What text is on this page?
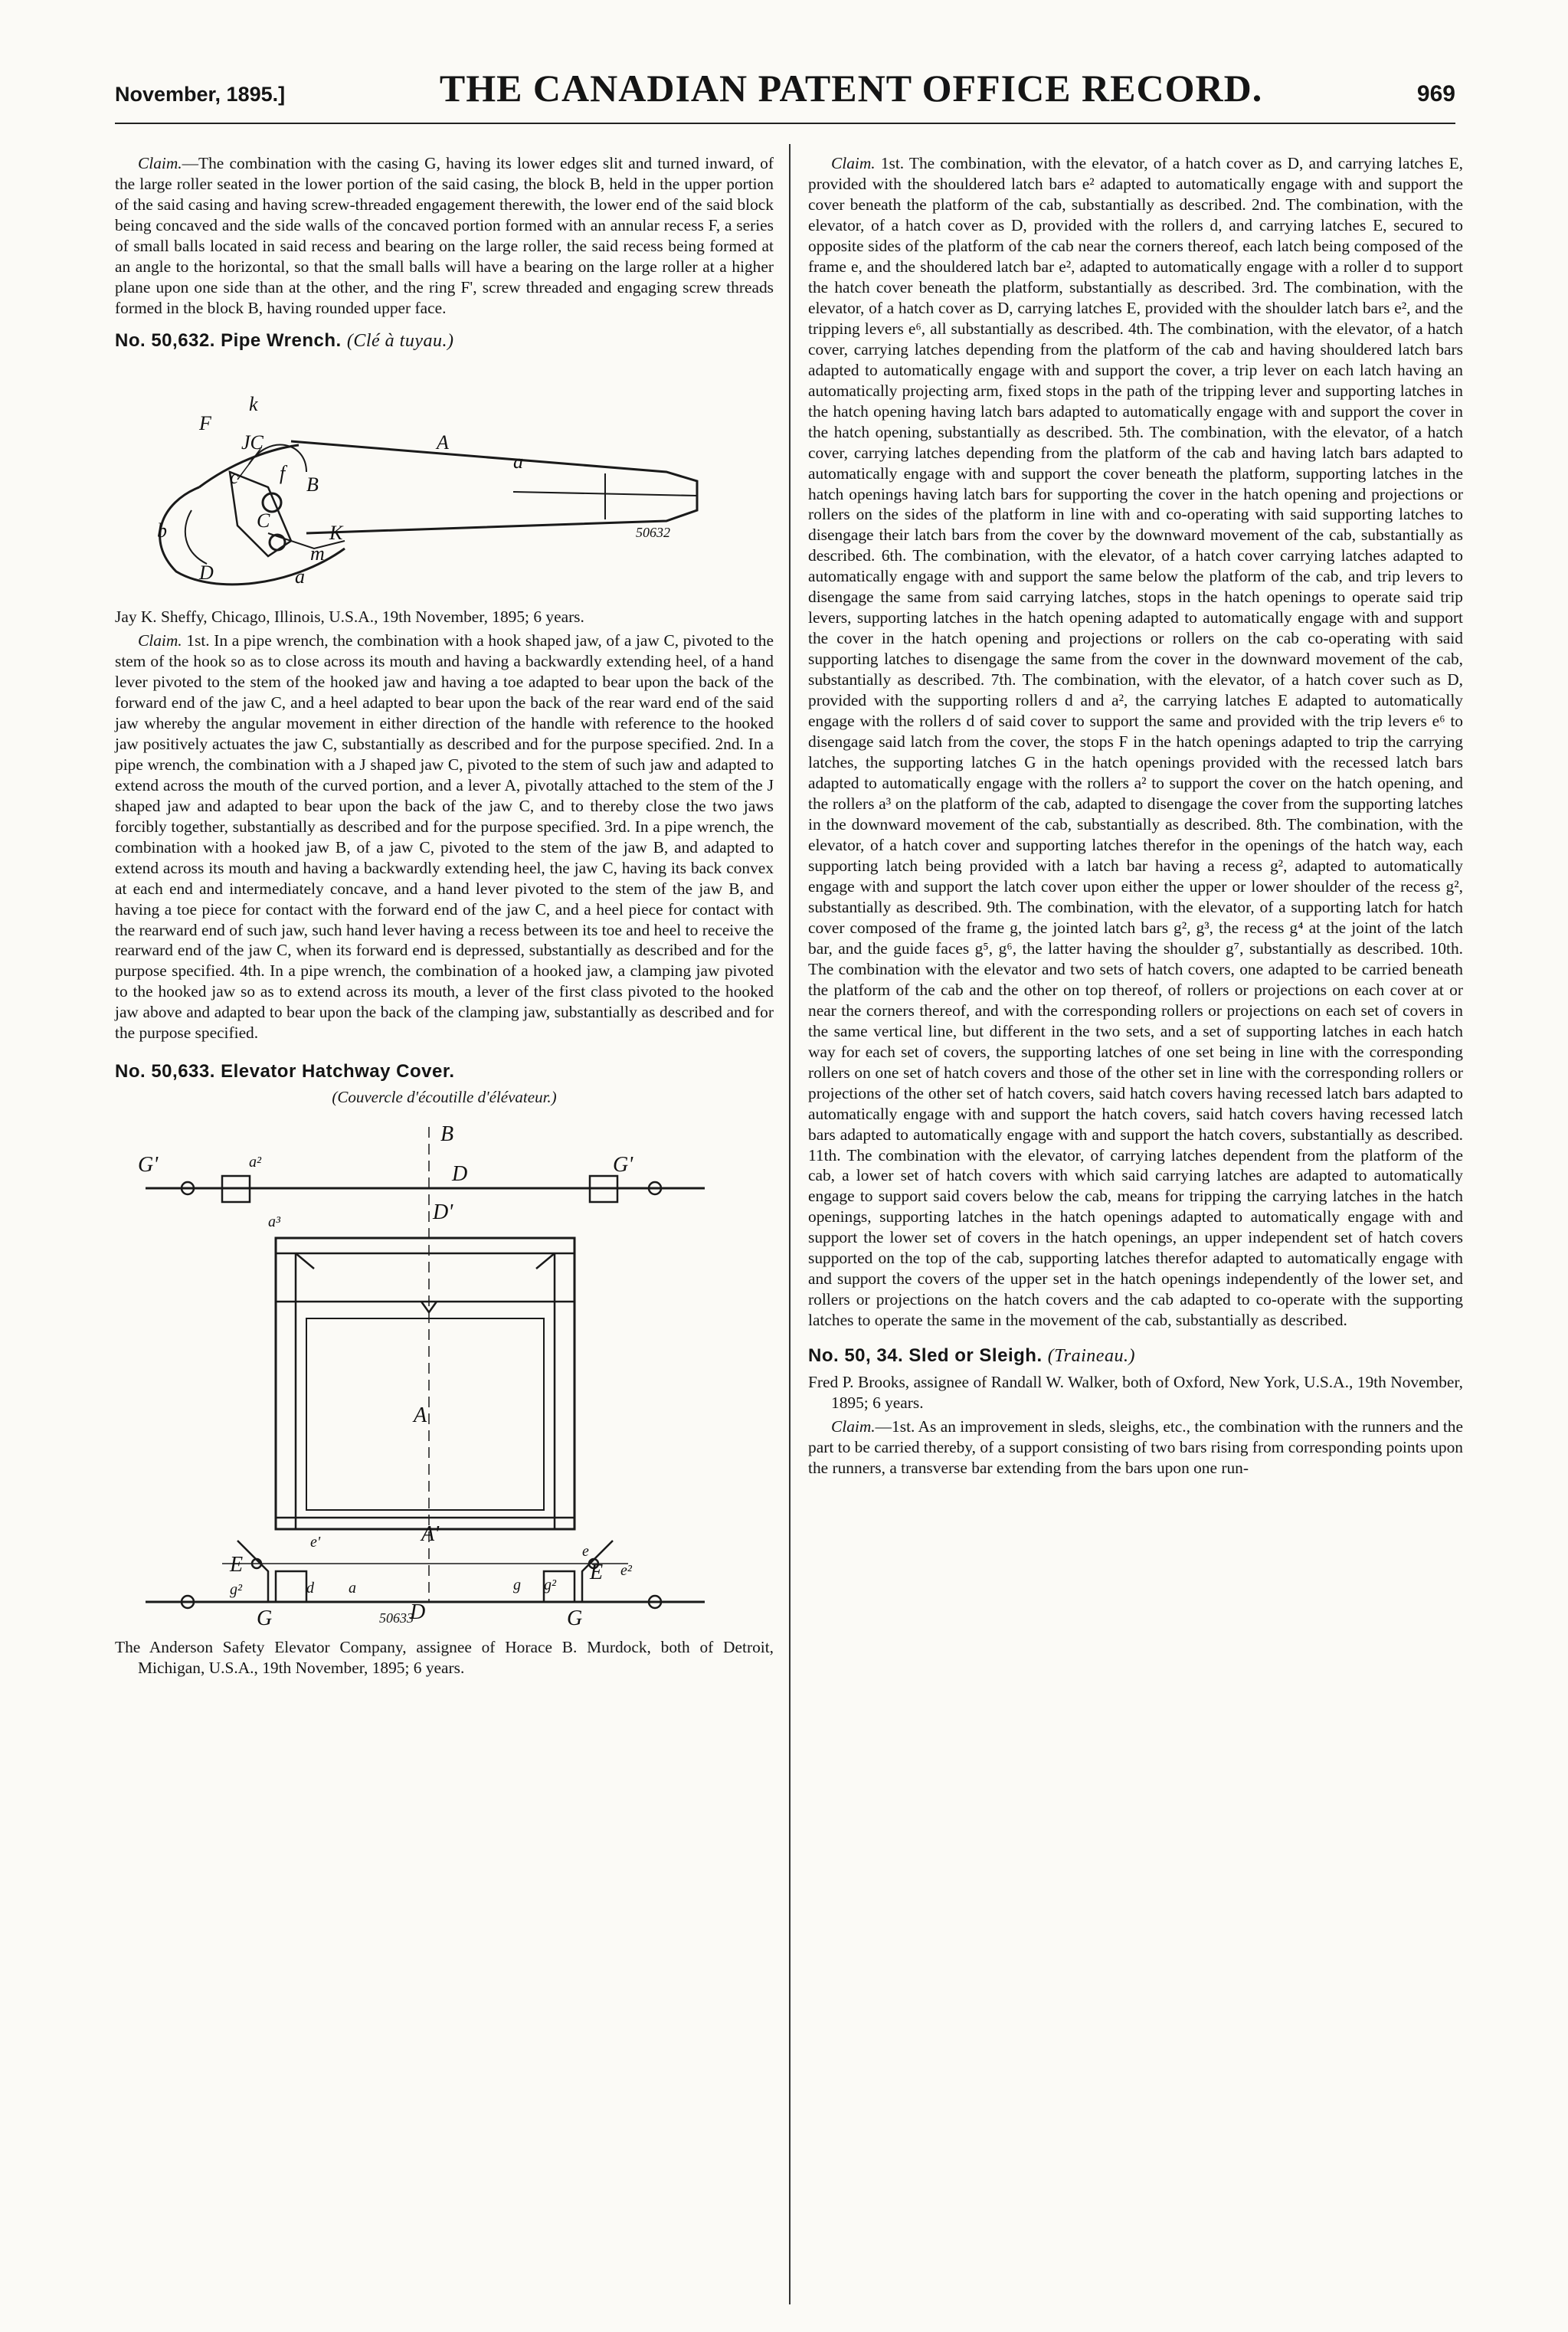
November, 1895.]	THE CANADIAN PATENT OFFICE RECORD.	969

Claim.—The combination with the casing G, having its lower edges slit and turned inward, of the large roller seated in the lower portion of the said casing, the block B, held in the upper portion of the said casing and having screw-threaded engagement therewith, the lower end of the said block being concaved and the side walls of the concaved portion formed with an annular recess F, a series of small balls located in said recess and bearing on the large roller, the said recess being formed at an angle to the horizontal, so that the small balls will have a bearing on the large roller at a higher plane upon one side than at the other, and the ring F', screw threaded and engaging screw threads formed in the block B, having rounded upper face.

No. 50,632. Pipe Wrench. (Clé à tuyau.)
k
F
JC	A
a
c f
B
b	C
K
m
D	a
50632

Jay K. Sheffy, Chicago, Illinois, U.S.A., 19th November, 1895; 6 years.

Claim. 1st. In a pipe wrench, the combination with a hook shaped jaw, of a jaw C, pivoted to the stem of the hook so as to close across its mouth and having a backwardly extending heel, of a hand lever pivoted to the stem of the hooked jaw and having a toe adapted to bear upon the back of the forward end of the jaw C, and a heel adapted to bear upon the back of the rear ward end of the said jaw whereby the angular movement in either direction of the handle with reference to the hooked jaw positively actuates the jaw C, substantially as described and for the purpose specified. 2nd. In a pipe wrench, the combination with a J shaped jaw C, pivoted to the stem of such jaw and adapted to extend across the mouth of the curved portion, and a lever A, pivotally attached to the stem of the J shaped jaw and adapted to bear upon the back of the jaw C, and to thereby close the two jaws forcibly together, substantially as described and for the purpose specified. 3rd. In a pipe wrench, the combination with a hooked jaw B, of a jaw C, pivoted to the stem of the jaw B, and adapted to extend across its mouth and having a backwardly extending heel, the jaw C, having its back convex at each end and intermediately concave, and a hand lever pivoted to the stem of the jaw B, and having a toe piece for contact with the forward end of the jaw C, and a heel piece for contact with the rearward end of such jaw, such hand lever having a recess between its toe and heel to receive the rearward end of the jaw C, when its forward end is depressed, substantially as described and for the purpose specified. 4th. In a pipe wrench, the combination of a hooked jaw, a clamping jaw pivoted to the hooked jaw so as to extend across its mouth, a lever of the first class pivoted to the hooked jaw above and adapted to bear upon the back of the clamping jaw, substantially as described and for the purpose specified.

No. 50,633. Elevator Hatchway Cover.
(Couvercle d'écoutille d'élévateur.)
B
G'	a²	D	G'
a³	D'
A
e'	A'
E
e
E e²
g²	d a	g g²
G	D	G
50633

The Anderson Safety Elevator Company, assignee of Horace B. Murdock, both of Detroit, Michigan, U.S.A., 19th November, 1895; 6 years.

Claim. 1st. The combination, with the elevator, of a hatch cover as D, and carrying latches E, provided with the shouldered latch bars e² adapted to automatically engage with and support the cover beneath the platform of the cab, substantially as described. 2nd. The combination, with the elevator, of a hatch cover as D, provided with the rollers d, and carrying latches E, secured to opposite sides of the platform of the cab near the corners thereof, each latch being composed of the frame e, and the shouldered latch bar e², adapted to automatically engage with a roller d to support the hatch cover beneath the platform, substantially as described. 3rd. The combination, with the elevator, of a hatch cover as D, carrying latches E, provided with the shoulder latch bars e², and the tripping levers e⁶, all substantially as described. 4th. The combination, with the elevator, of a hatch cover, carrying latches depending from the platform of the cab and having shouldered latch bars adapted to automatically engage with and support the cover, a trip lever on each latch having an automatically projecting arm, fixed stops in the path of the tripping lever and supporting latches in the hatch opening having latch bars adapted to automatically engage with and support the cover in the hatch opening, substantially as described. 5th. The combination, with the elevator, of a hatch cover, carrying latches depending from the platform of the cab and having latch bars adapted to automatically engage with and support the cover beneath the platform, supporting latches in the hatch openings having latch bars for supporting the cover in the hatch opening and projections or rollers on the sides of the platform in line with and co-operating with said supporting latches to disengage their latch bars from the cover by the downward movement of the cab, substantially as described. 6th. The combination, with the elevator, of a hatch cover carrying latches adapted to automatically engage with and support the same below the platform of the cab, and trip levers to disengage the same from said carrying latches, stops in the hatch openings to operate said trip levers, supporting latches in the hatch opening adapted to automatically engage with and support the cover in the hatch opening and projections or rollers on the cab co-operating with said supporting latches to disengage the same from the cover in the downward movement of the cab, substantially as described. 7th. The combination, with the elevator, of a hatch cover such as D, provided with the supporting rollers d and a², the carrying latches E adapted to automatically engage with the rollers d of said cover to support the same and provided with the trip levers e⁶ to disengage said latch from the cover, the stops F in the hatch openings adapted to trip the carrying latches, the supporting latches G in the hatch openings provided with the recessed latch bars adapted to automatically engage with the rollers a² to support the cover on the hatch opening, and the rollers a³ on the platform of the cab, adapted to disengage the cover from the supporting latches in the downward movement of the cab, substantially as described. 8th. The combination, with the elevator, of a hatch cover and supporting latches therefor in the openings of the hatch way, each supporting latch being provided with a latch bar having a recess g², adapted to automatically engage with and support the latch cover upon either the upper or lower shoulder of the recess g², substantially as described. 9th. The combination, with the elevator, of a supporting latch for hatch cover composed of the frame g, the jointed latch bars g², g³, the recess g⁴ at the joint of the latch bar, and the guide faces g⁵, g⁶, the latter having the shoulder g⁷, substantially as described. 10th. The combination with the elevator and two sets of hatch covers, one adapted to be carried beneath the platform of the cab and the other on top thereof, of rollers or projections on each cover at or near the corners thereof, and with the corresponding rollers or projections on each set of covers in the same vertical line, but different in the two sets, and a set of supporting latches in each hatch way for each set of covers, the supporting latches of one set being in line with the corresponding rollers on one set of hatch covers and those of the other set in line with the corresponding rollers or projections of the other set of hatch covers, said hatch covers having recessed latch bars adapted to automatically engage with and support the hatch covers, said hatch covers having recessed latch bars adapted to automatically engage with and support the hatch covers, substantially as described. 11th. The combination with the elevator, of carrying latches dependent from the platform of the cab, a lower set of hatch covers with which said carrying latches are adapted to automatically engage to support said covers below the cab, means for tripping the carrying latches in the hatch openings, supporting latches in the hatch openings adapted to automatically engage with and support the lower set of covers in the hatch openings, an upper independent set of hatch covers supported on the top of the cab, supporting latches therefor adapted to automatically engage with and support the covers of the upper set in the hatch openings independently of the lower set, and rollers or projections on the hatch covers and the cab adapted to co-operate with the supporting latches to operate the same in the movement of the cab, substantially as described.

No. 50, 34. Sled or Sleigh. (Traineau.)

Fred P. Brooks, assignee of Randall W. Walker, both of Oxford, New York, U.S.A., 19th November, 1895; 6 years.

Claim.—1st. As an improvement in sleds, sleighs, etc., the combination with the runners and the part to be carried thereby, of a support consisting of two bars rising from corresponding points upon the runners, a transverse bar extending from the bars upon one run-
